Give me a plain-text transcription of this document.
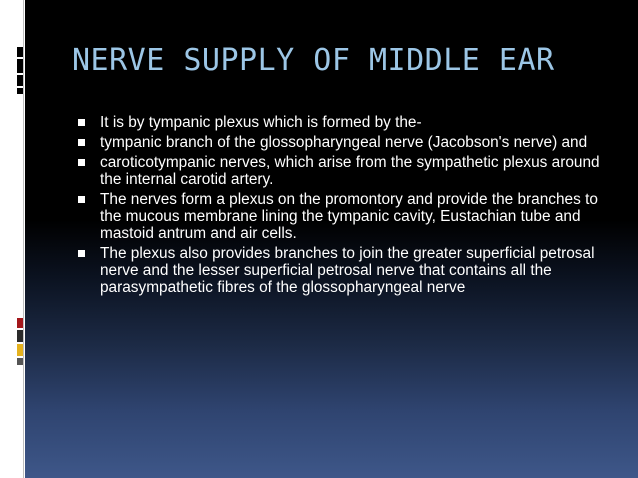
NERVE SUPPLY OF MIDDLE EAR
It is by tympanic plexus which is formed by the-
tympanic branch of the glossopharyngeal nerve (Jacobson's nerve) and
caroticotympanic nerves, which arise from the sympathetic plexus around the internal carotid artery.
The nerves form a plexus on the promontory and provide the branches to the mucous membrane lining the tympanic cavity, Eustachian tube and mastoid antrum and air cells.
The plexus also provides branches to join the greater superficial petrosal nerve and the lesser superficial petrosal nerve that contains all the parasympathetic fibres of the glossopharyngeal nerve
